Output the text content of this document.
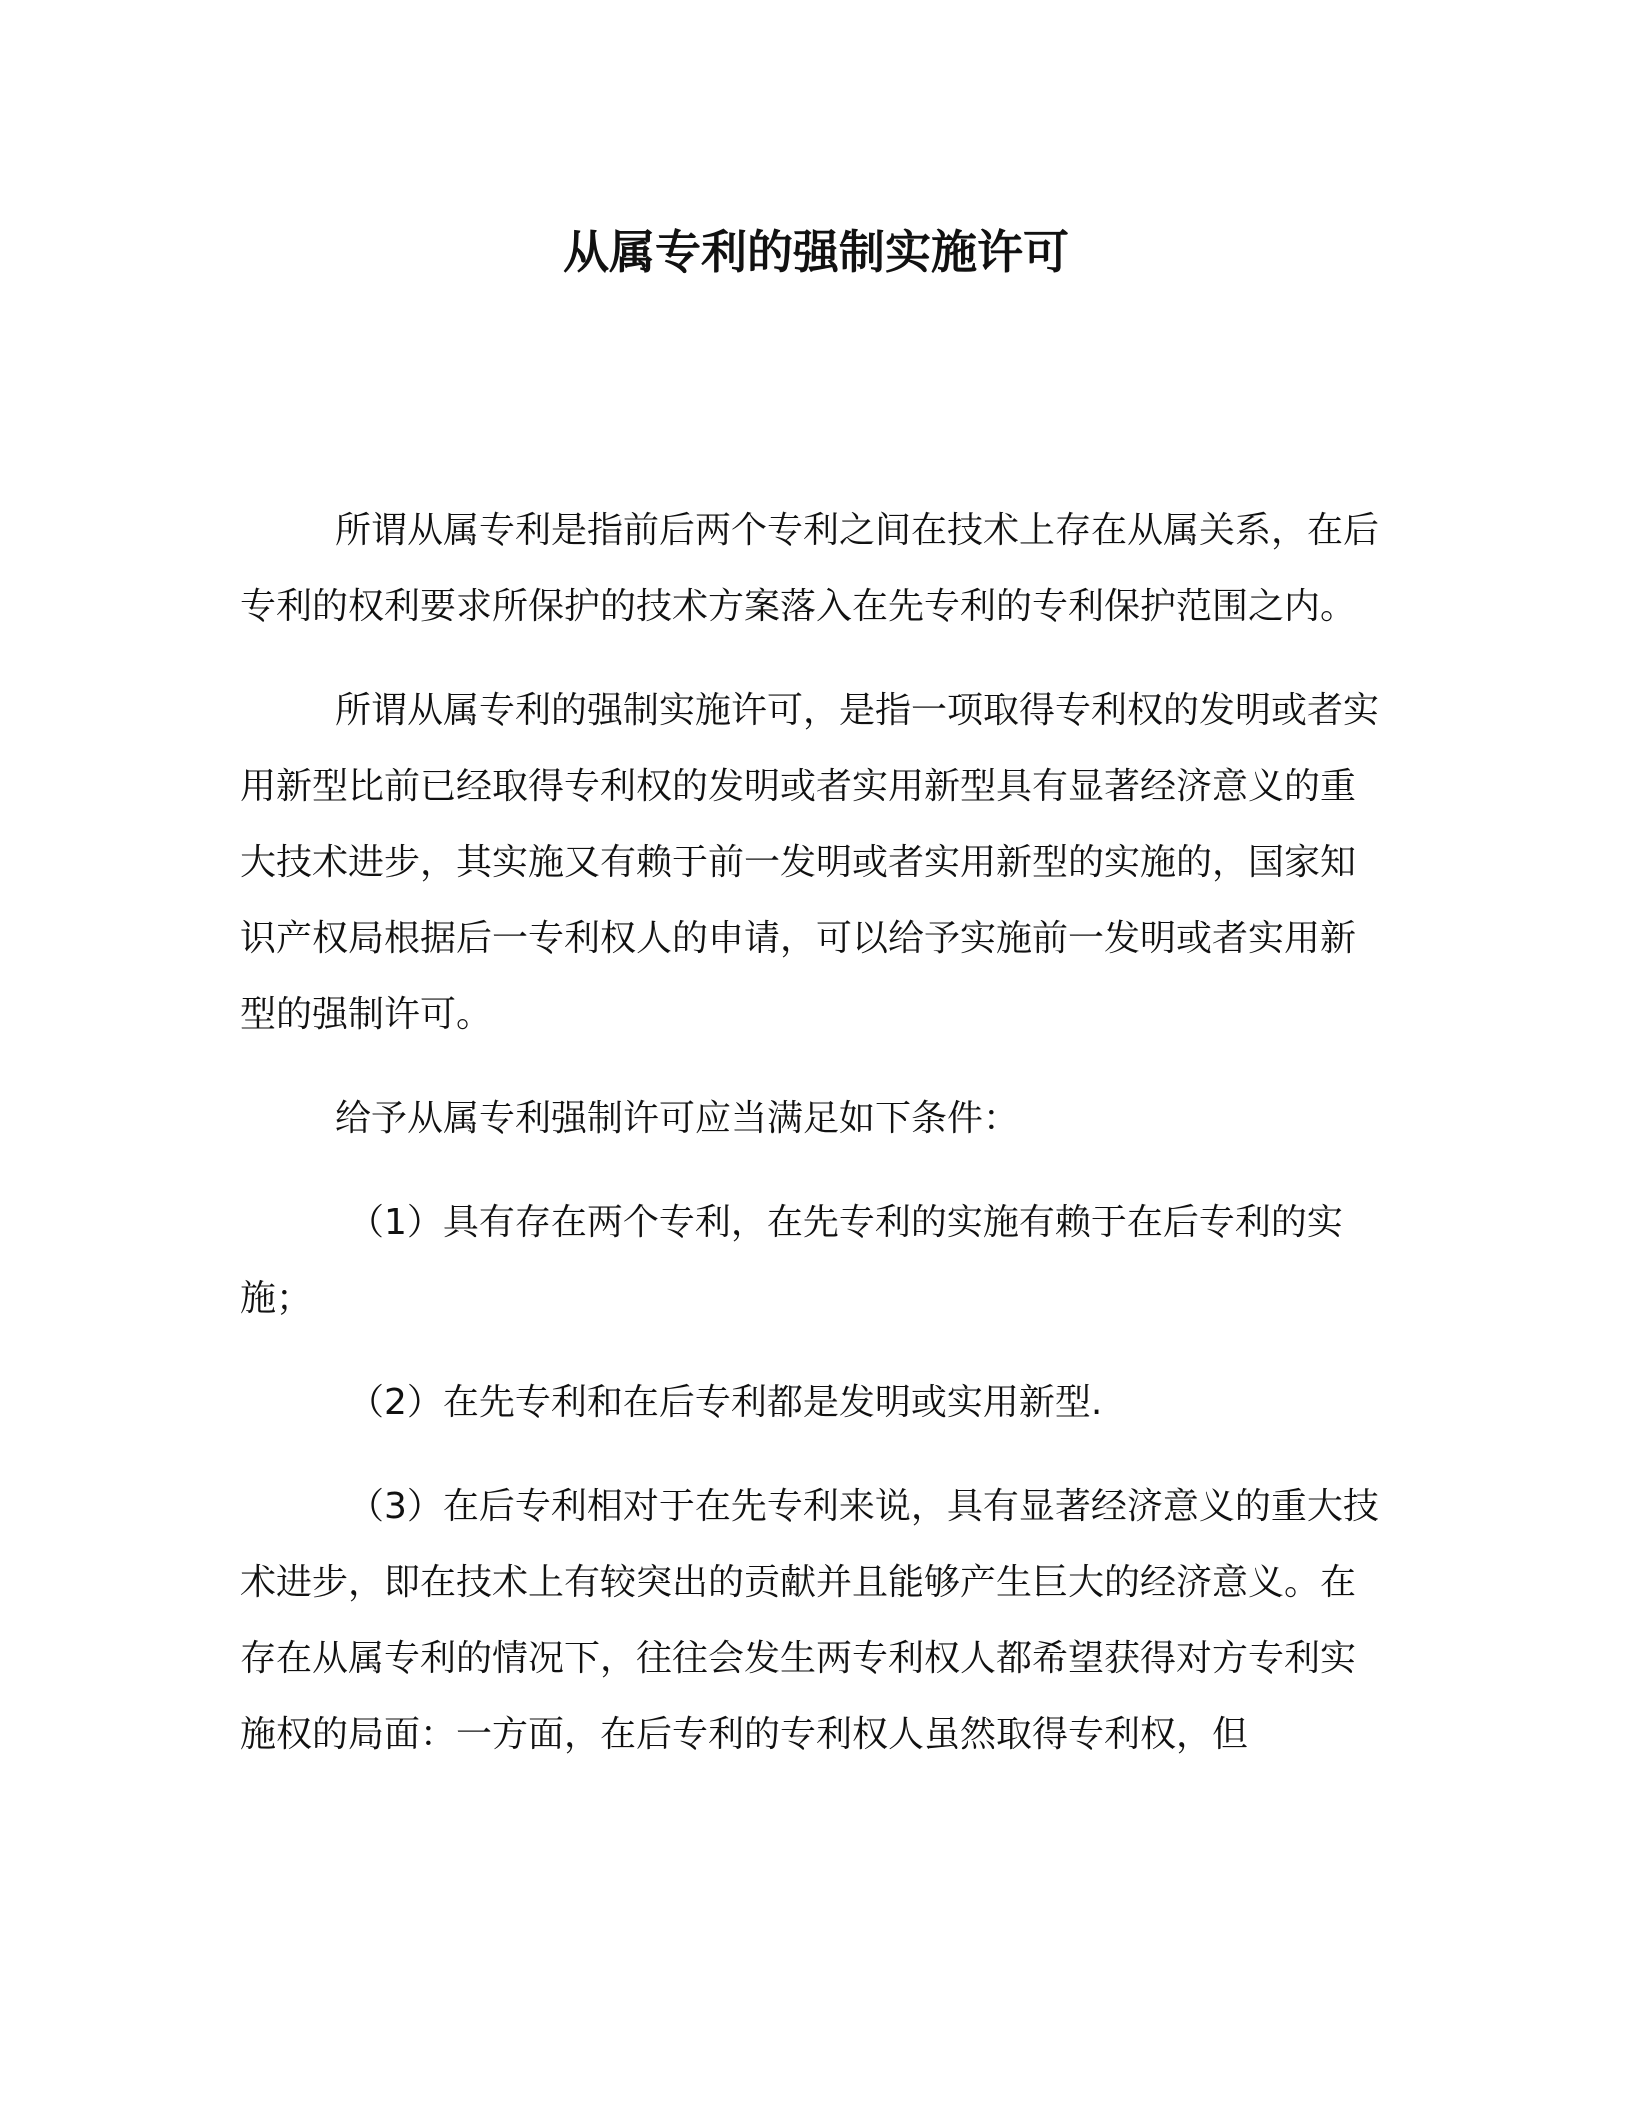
从属专利的强制实施许可

所谓从属专利是指前后两个专利之间在技术上存在从属关系，在后专利的权利要求所保护的技术方案落入在先专利的专利保护范围之内。

所谓从属专利的强制实施许可，是指一项取得专利权的发明或者实用新型比前已经取得专利权的发明或者实用新型具有显著经济意义的重大技术进步，其实施又有赖于前一发明或者实用新型的实施的，国家知识产权局根据后一专利权人的申请，可以给予实施前一发明或者实用新型的强制许可。

给予从属专利强制许可应当满足如下条件：

（1）具有存在两个专利，在先专利的实施有赖于在后专利的实施；

（2）在先专利和在后专利都是发明或实用新型.

（3）在后专利相对于在先专利来说，具有显著经济意义的重大技术进步，即在技术上有较突出的贡献并且能够产生巨大的经济意义。在存在从属专利的情况下，往往会发生两专利权人都希望获得对方专利实施权的局面：一方面，在后专利的专利权人虽然取得专利权，但
